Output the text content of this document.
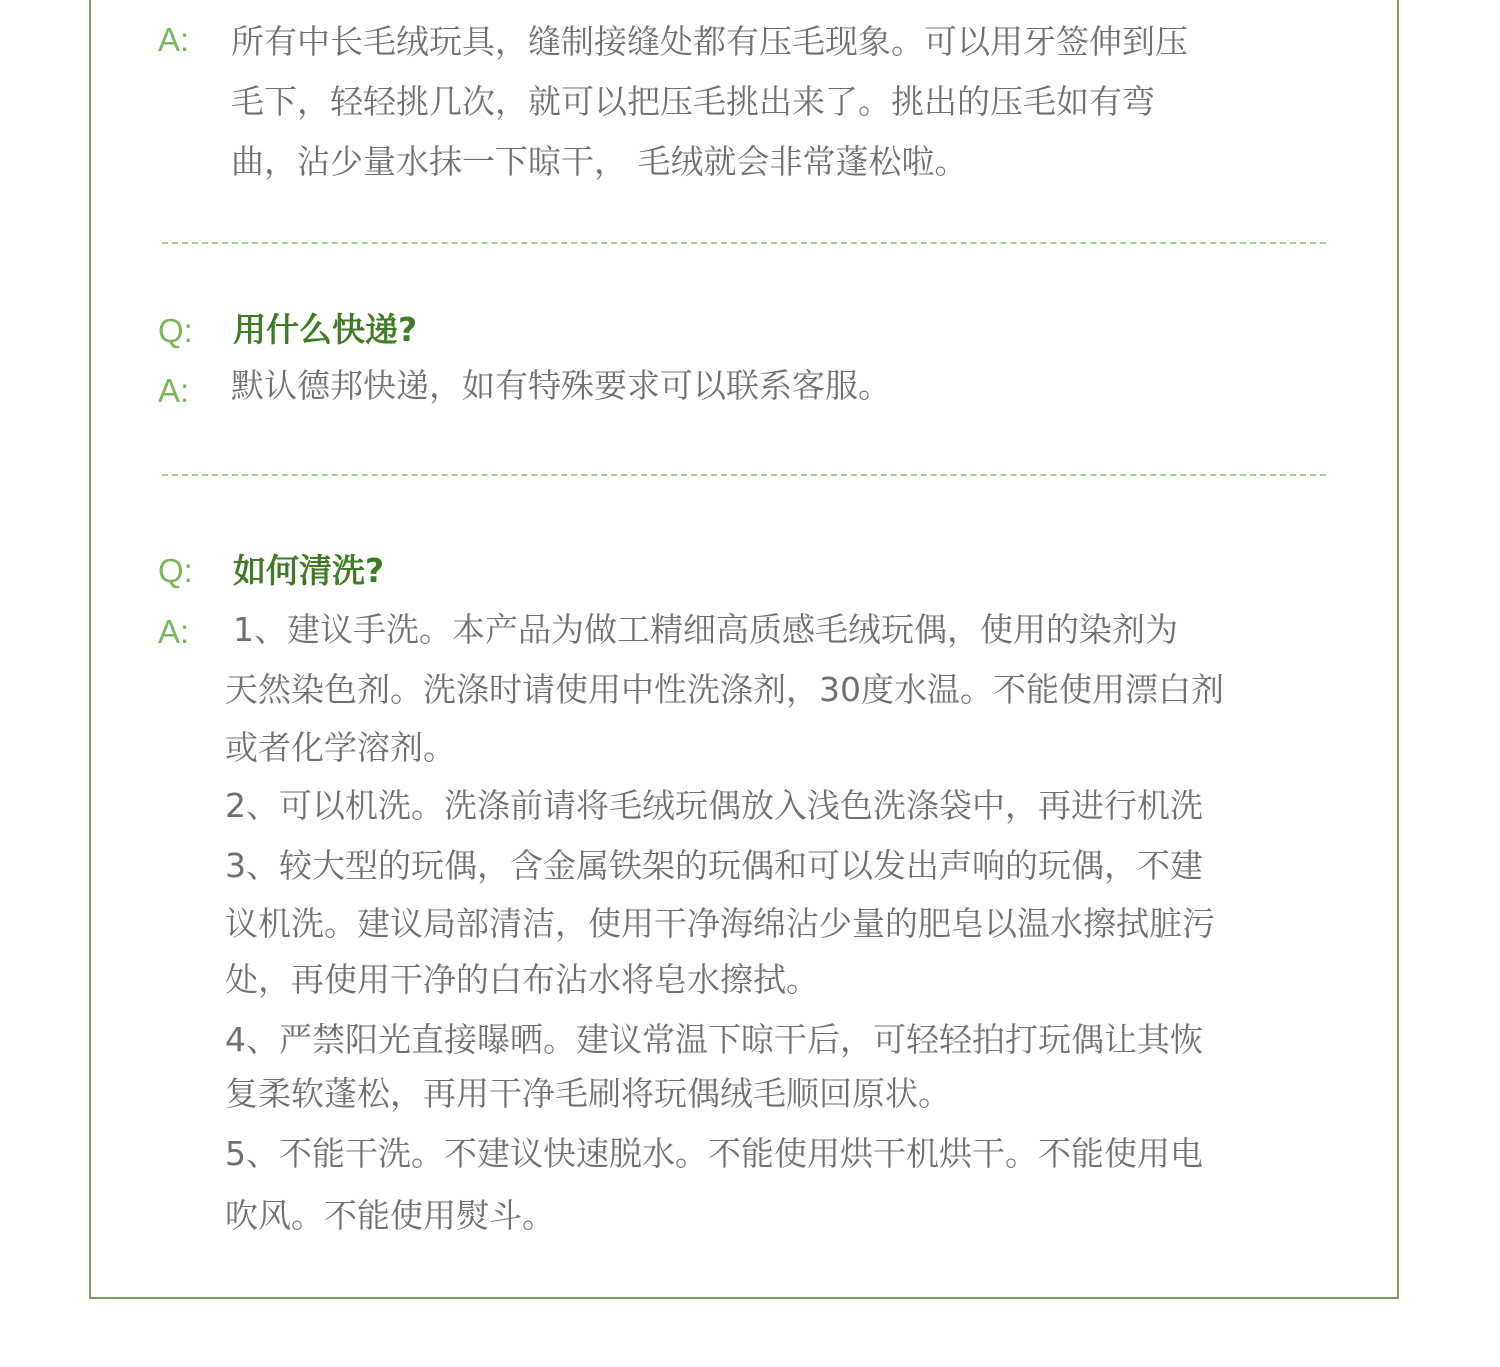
A: 所有中长毛绒玩具，缝制接缝处都有压毛现象。可以用牙签伸到压
毛下，轻轻挑几次，就可以把压毛挑出来了。挑出的压毛如有弯
曲，沾少量水抹一下晾干， 毛绒就会非常蓬松啦。
Q: 用什么快递?
A: 默认德邦快递，如有特殊要求可以联系客服。
Q: 如何清洗?
A: 1、建议手洗。本产品为做工精细高质感毛绒玩偶，使用的染剂为
天然染色剂。洗涤时请使用中性洗涤剂，30度水温。不能使用漂白剂
或者化学溶剂。
2、可以机洗。洗涤前请将毛绒玩偶放入浅色洗涤袋中，再进行机洗
3、较大型的玩偶，含金属铁架的玩偶和可以发出声响的玩偶，不建
议机洗。建议局部清洁，使用干净海绵沾少量的肥皂以温水擦拭脏污
处，再使用干净的白布沾水将皂水擦拭。
4、严禁阳光直接曝晒。建议常温下晾干后，可轻轻拍打玩偶让其恢
复柔软蓬松，再用干净毛刷将玩偶绒毛顺回原状。
5、不能干洗。不建议快速脱水。不能使用烘干机烘干。不能使用电
吹风。不能使用熨斗。
